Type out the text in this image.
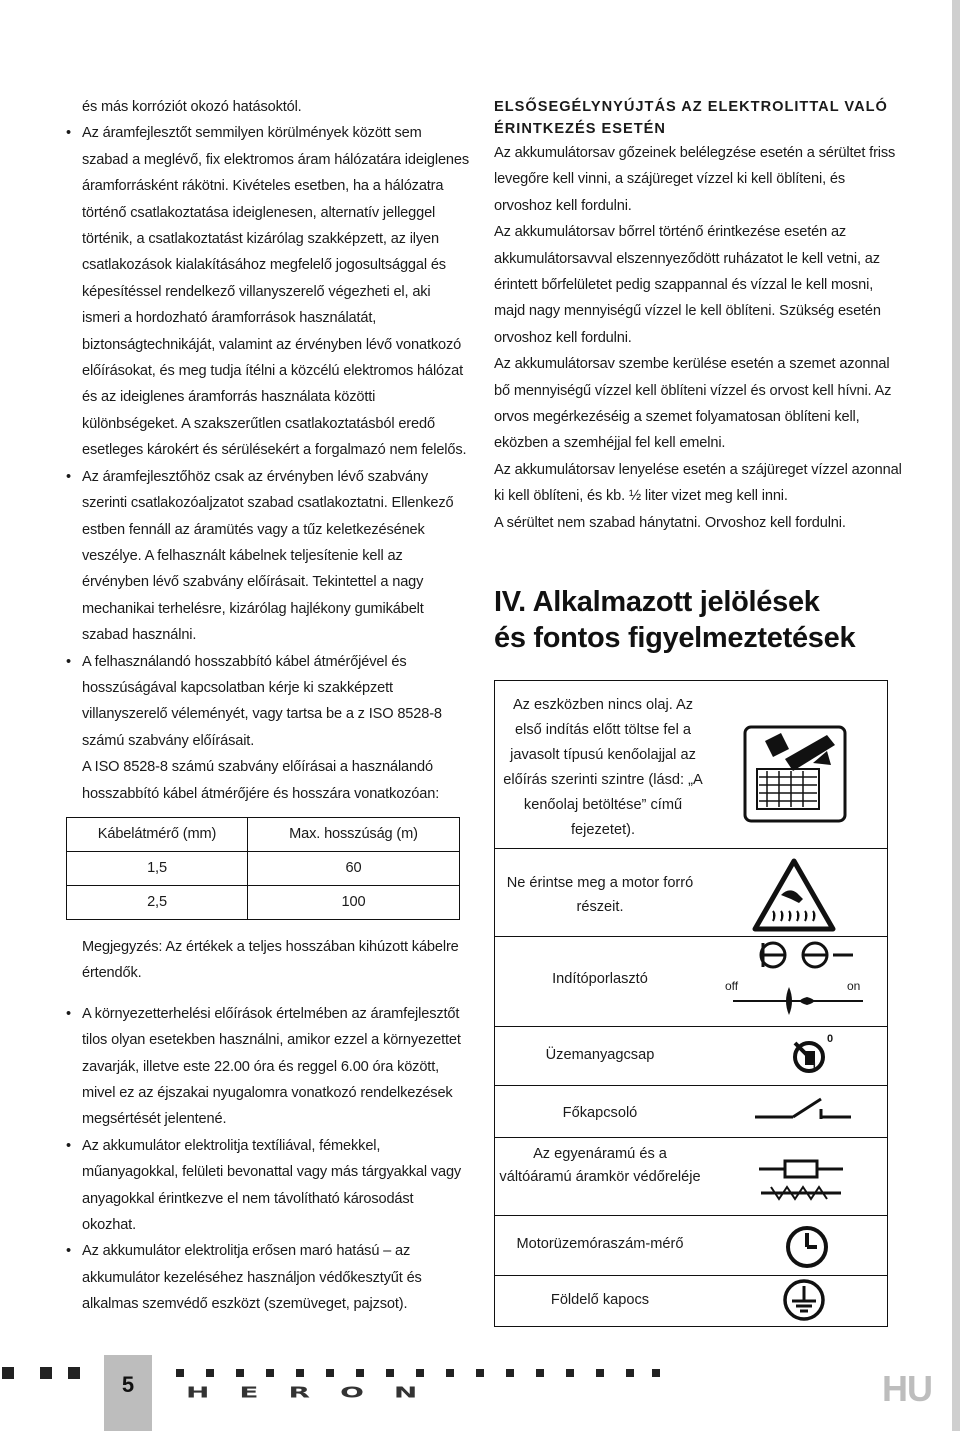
és más korróziót okozó hatásoktól.

• Az áramfejlesztőt semmilyen körülmények között sem szabad a meglévő, fix elektromos áram hálózatára ideiglenes áramforrásként rákötni. Kivételes esetben, ha a hálózatra történő csatlakoztatása ideiglenesen, alternatív jelleggel történik, a csatlakoztatást kizárólag szakképzett, az ilyen csatlakozások kialakításához megfelelő jogosultsággal és képesítéssel rendelkező villanyszerelő végezheti el, aki ismeri a hordozható áramforrások használatát, biztonságtechnikáját, valamint az érvényben lévő vonatkozó előírásokat, és meg tudja ítélni a közcélú elektromos hálózat és az ideiglenes áramforrás használata közötti különbségeket. A szakszerűtlen csatlakoztatásból eredő esetleges károkért és sérülésekért a forgalmazó nem felelős.

• Az áramfejlesztőhöz csak az érvényben lévő szabvány szerinti csatlakozóaljzatot szabad csatlakoztatni. Ellenkező estben fennáll az áramütés vagy a tűz keletkezésének veszélye. A felhasznált kábelnek teljesítenie kell az érvényben lévő szabvány előírásait. Tekintettel a nagy mechanikai terhelésre, kizárólag hajlékony gumikábelt szabad használni.

• A felhasználandó hosszabbító kábel átmérőjével és hosszúságával kapcsolatban kérje ki szakképzett villanyszerelő véleményét, vagy tartsa be a z ISO 8528-8 számú szabvány előírásait.

A ISO 8528-8 számú szabvány előírásai a használandó hosszabbító kábel átmérőjére és hosszára vonatkozóan:

Kábelátmérő (mm)	Max. hosszúság (m)
1,5	60
2,5	100

Megjegyzés: Az értékek a teljes hosszában kihúzott kábelre értendők.

• A környezetterhelési előírások értelmében az áramfejlesztőt tilos olyan esetekben használni, amikor ezzel a környezettet zavarják, illetve este 22.00 óra és reggel 6.00 óra között, mivel ez az éjszakai nyugalomra vonatkozó rendelkezések megsértését jelentené.

• Az akkumulátor elektrolitja textíliával, fémekkel, műanyagokkal, felületi bevonattal vagy más tárgyakkal vagy anyagokkal érintkezve el nem távolítható károsodást okozhat.

• Az akkumulátor elektrolitja erősen maró hatású – az akkumulátor kezeléséhez használjon védőkesztyűt és alkalmas szemvédő eszközt (szemüveget, pajzsot).

ELSŐSEGÉLYNYÚJTÁS AZ ELEKTROLITTAL VALÓ ÉRINTKEZÉS ESETÉN

Az akkumulátorsav gőzeinek belélegzése esetén a sérültet friss levegőre kell vinni, a szájüreget vízzel ki kell öblíteni, és orvoshoz kell fordulni.

Az akkumulátorsav bőrrel történő érintkezése esetén az akkumulátorsavval elszennyeződött ruházatot le kell vetni, az érintett bőrfelületet pedig szappannal és vízzal le kell mosni, majd nagy mennyiségű vízzel le kell öblíteni. Szükség esetén orvoshoz kell fordulni.

Az akkumulátorsav szembe kerülése esetén a szemet azonnal bő mennyiségű vízzel kell öblíteni vízzel és orvost kell hívni. Az orvos megérkezéséig a szemet folyamatosan öblíteni kell, eközben a szemhéjjal fel kell emelni.

Az akkumulátorsav lenyelése esetén a szájüreget vízzel azonnal ki kell öblíteni, és kb. ½ liter vizet meg kell inni.

A sérültet nem szabad hánytatni. Orvoshoz kell fordulni.

IV. Alkalmazott jelölések
és fontos figyelmeztetések
Az eszközben nincs olaj. Az első indítás előtt töltse fel a javasolt típusú kenőolajjal az előírás szerinti szintre (lásd: „A kenőolaj betöltése” című fejezetet).
Ne érintse meg a motor forró részeit.
Indítóporlasztó	off	on
Üzemanyagcsap
0
1
Főkapcsoló
Az egyenáramú és a váltóáramú áramkör védőreléje
Motorüzemóraszám-mérő
Földelő kapocs
5	HERON	HU
